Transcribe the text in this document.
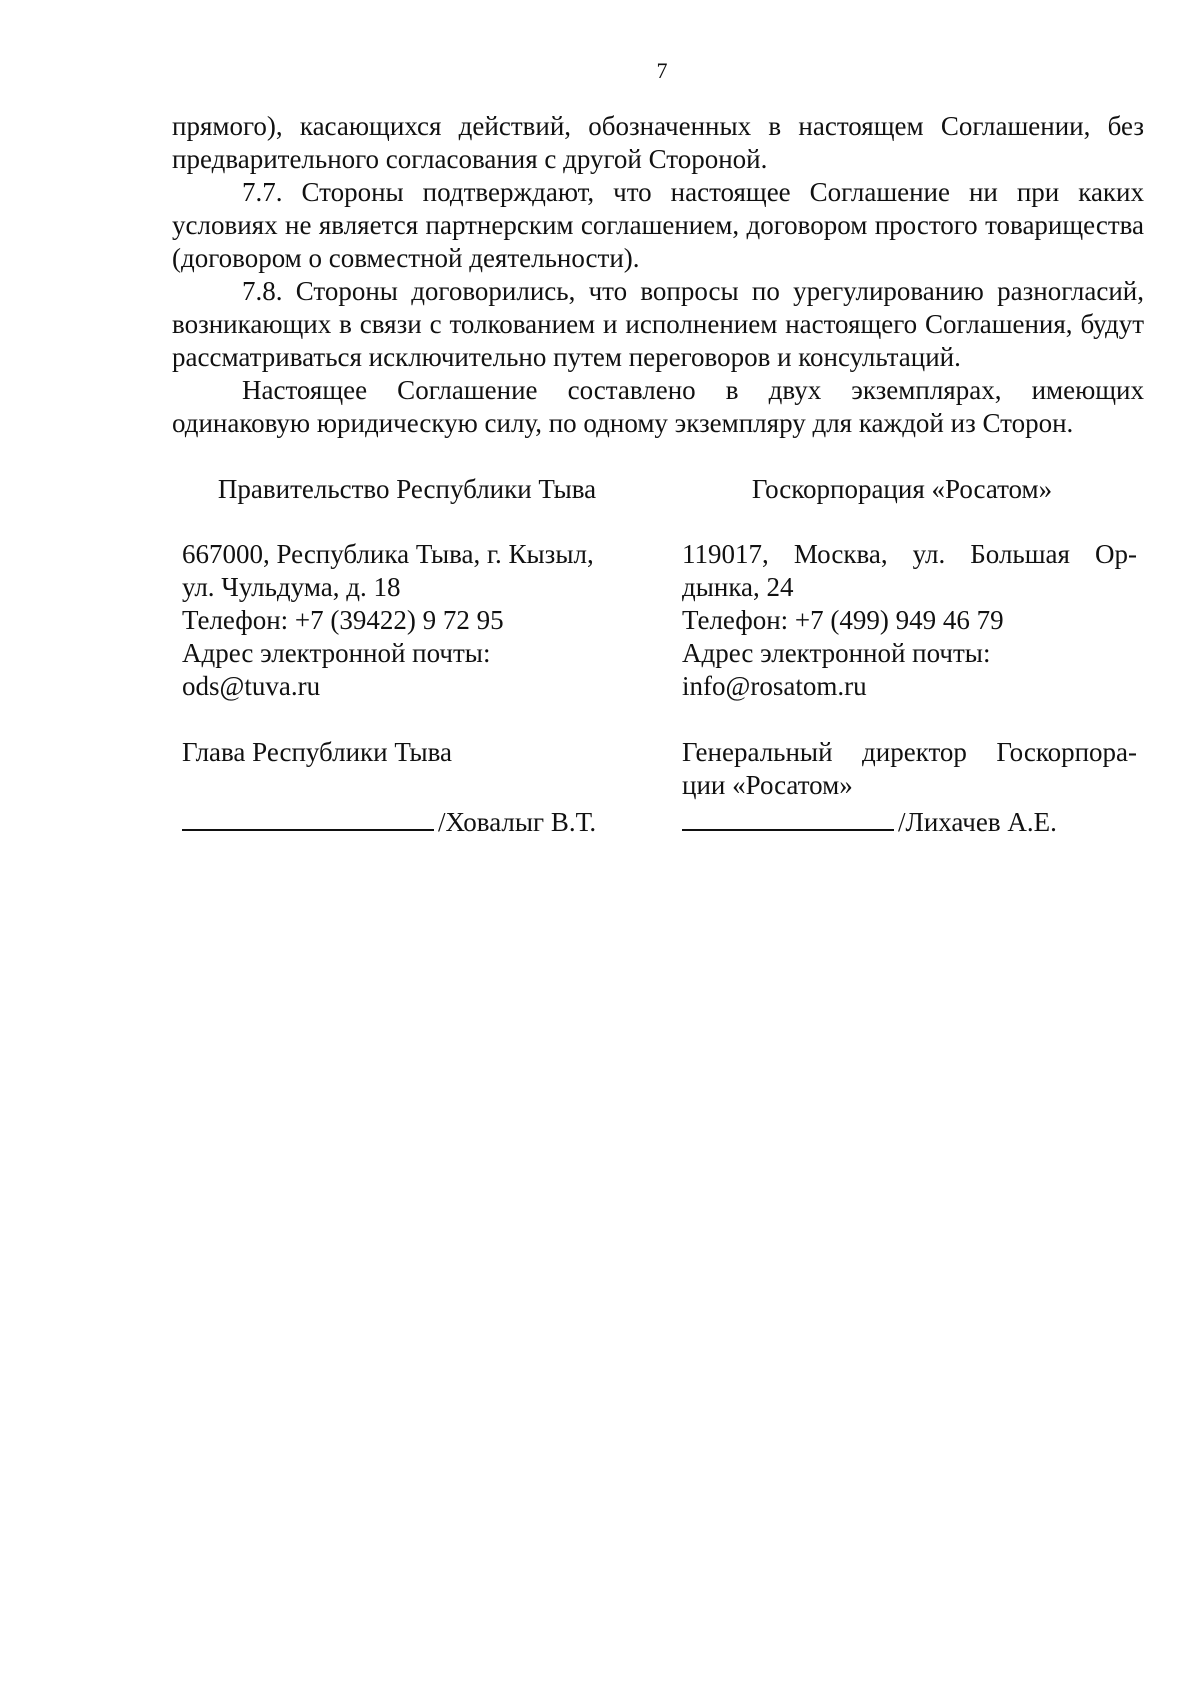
7

прямого), касающихся действий, обозначенных в настоящем Соглашении, без предварительного согласования с другой Стороной.

7.7. Стороны подтверждают, что настоящее Соглашение ни при каких условиях не является партнерским соглашением, договором простого товарищества (договором о совместной деятельности).

7.8. Стороны договорились, что вопросы по урегулированию разногласий, возникающих в связи с толкованием и исполнением настоящего Соглашения, будут рассматриваться исключительно путем переговоров и консультаций.

Настоящее Соглашение составлено в двух экземплярах, имеющих одинаковую юридическую силу, по одному экземпляру для каждой из Сторон.

Правительство Республики Тыва
667000, Республика Тыва, г. Кызыл,
ул. Чульдума, д. 18
Телефон: +7 (39422) 9 72 95
Адрес электронной почты:
ods@tuva.ru
Глава Республики Тыва
/Ховалыг В.Т.
Госкорпорация «Росатом»
119017, Москва, ул. Большая Ор-
дынка, 24
Телефон: +7 (499) 949 46 79
Адрес электронной почты:
info@rosatom.ru
Генеральный директор Госкорпора-
ции «Росатом»
/Лихачев А.Е.
